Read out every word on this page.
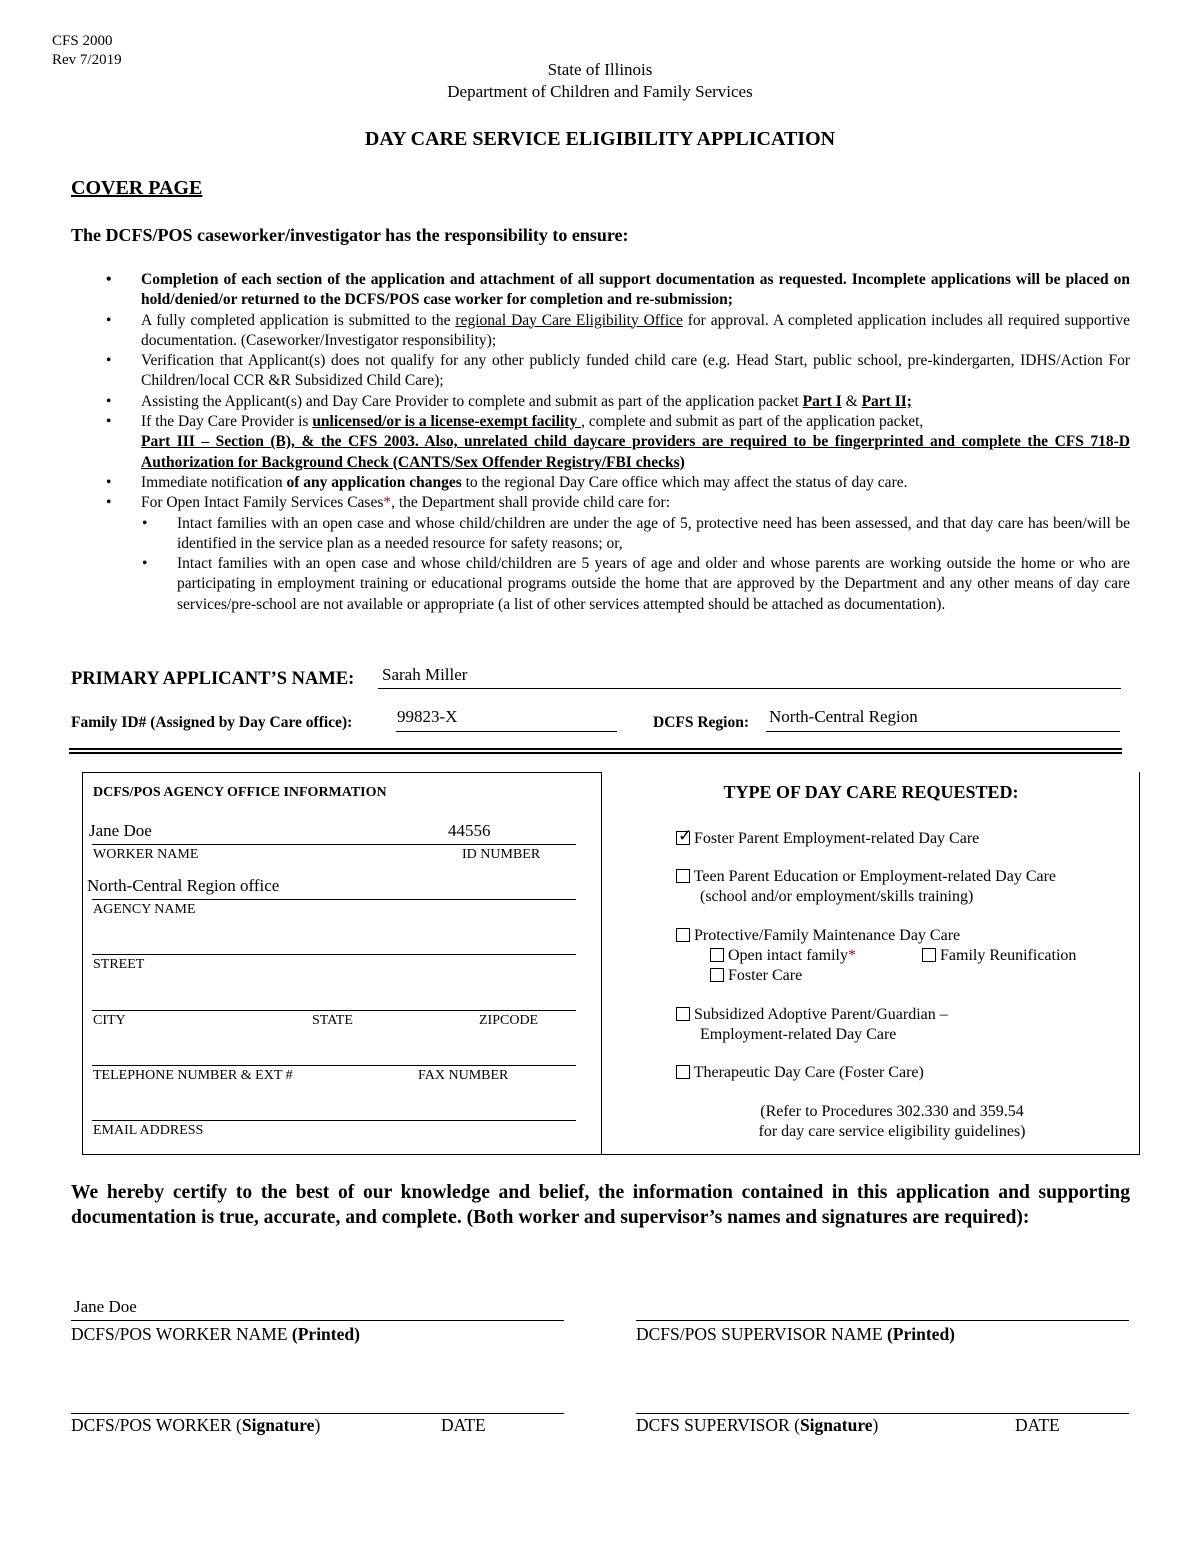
CFS 2000
Rev 7/2019	State of Illinois
Department of Children and Family Services
DAY CARE SERVICE ELIGIBILITY APPLICATION
COVER PAGE
The DCFS/POS caseworker/investigator has the responsibility to ensure:
• Completion of each section of the application and attachment of all support documentation as requested. Incomplete applications will be placed on hold/denied/or returned to the DCFS/POS case worker for completion and re-submission;
• A fully completed application is submitted to the regional Day Care Eligibility Office for approval. A completed application includes all required supportive documentation. (Caseworker/Investigator responsibility);
• Verification that Applicant(s) does not qualify for any other publicly funded child care (e.g. Head Start, public school, pre-kindergarten, IDHS/Action For Children/local CCR &R Subsidized Child Care);
• Assisting the Applicant(s) and Day Care Provider to complete and submit as part of the application packet Part I & Part II;
• If the Day Care Provider is unlicensed/or is a license-exempt facility , complete and submit as part of the application packet,
Part III – Section (B), & the CFS 2003. Also, unrelated child daycare providers are required to be fingerprinted and complete the CFS 718-D Authorization for Background Check (CANTS/Sex Offender Registry/FBI checks)
• Immediate notification of any application changes to the regional Day Care office which may affect the status of day care.
• For Open Intact Family Services Cases*, the Department shall provide child care for:
• Intact families with an open case and whose child/children are under the age of 5, protective need has been assessed, and that day care has been/will be identified in the service plan as a needed resource for safety reasons; or,
• Intact families with an open case and whose child/children are 5 years of age and older and whose parents are working outside the home or who are participating in employment training or educational programs outside the home that are approved by the Department and any other means of day care services/pre-school are not available or appropriate (a list of other services attempted should be attached as documentation).
PRIMARY APPLICANT’S NAME: Sarah Miller
Family ID# (Assigned by Day Care office):	99823-X	DCFS Region: North-Central Region
DCFS/POS AGENCY OFFICE INFORMATION
Jane Doe	44556
WORKER NAME	ID NUMBER
North-Central Region office
AGENCY NAME
STREET
CITY	STATE	ZIPCODE
TELEPHONE NUMBER & EXT #	FAX NUMBER
EMAIL ADDRESS
TYPE OF DAY CARE REQUESTED:
✓ Foster Parent Employment-related Day Care
Teen Parent Education or Employment-related Day Care
(school and/or employment/skills training)
Protective/Family Maintenance Day Care
Open intact family*	Family Reunification
Foster Care
Subsidized Adoptive Parent/Guardian –
Employment-related Day Care
Therapeutic Day Care (Foster Care)
(Refer to Procedures 302.330 and 359.54
for day care service eligibility guidelines)
We hereby certify to the best of our knowledge and belief, the information contained in this application and supporting documentation is true, accurate, and complete. (Both worker and supervisor’s names and signatures are required):
Jane Doe
DCFS/POS WORKER NAME (Printed)	DCFS/POS SUPERVISOR NAME (Printed)
DCFS/POS WORKER (Signature)	DATE	DCFS SUPERVISOR (Signature)	DATE
